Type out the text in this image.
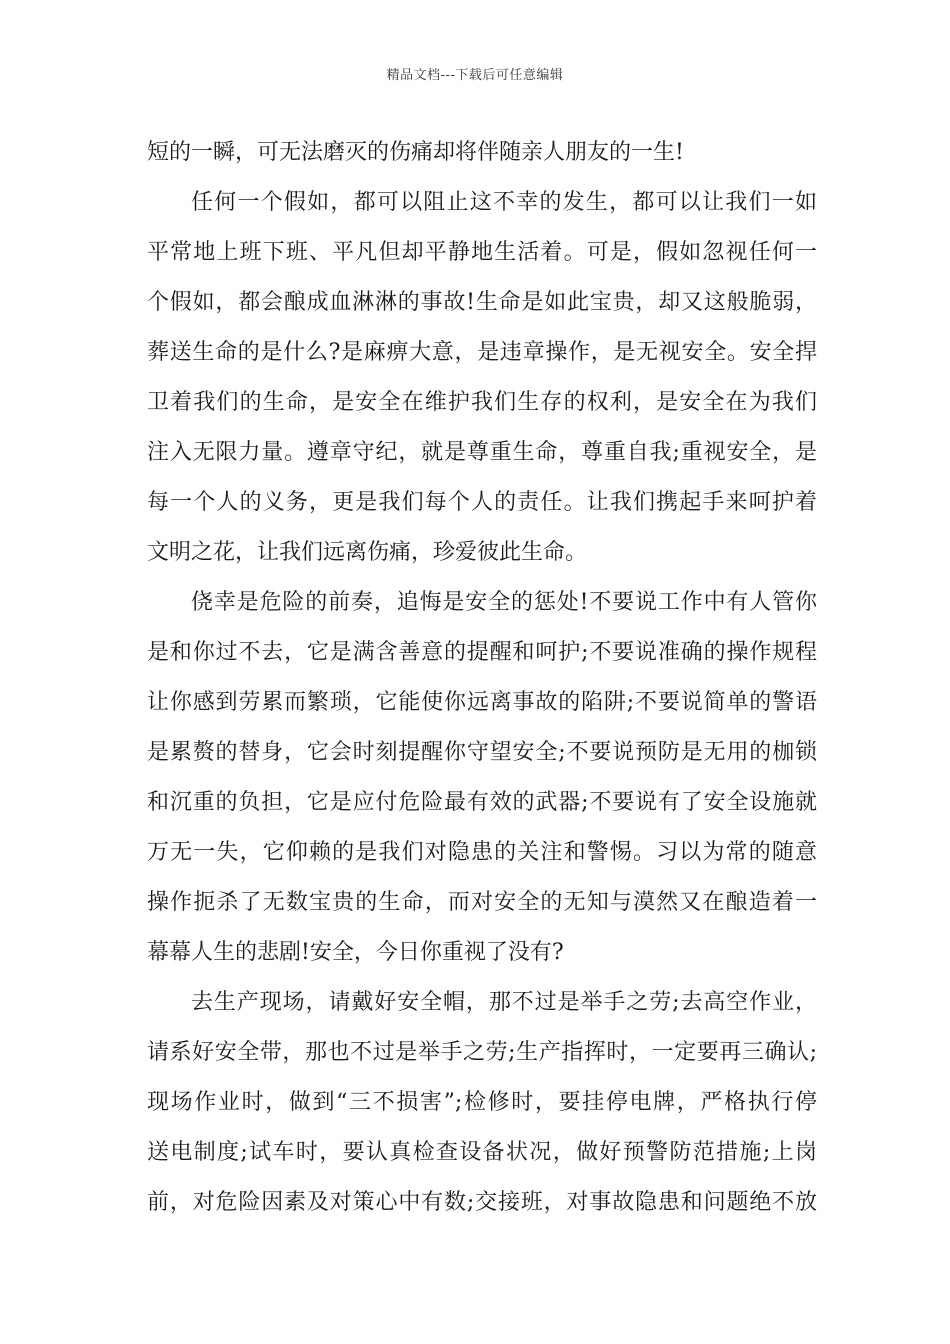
精品文档---下载后可任意编辑
短的一瞬，可无法磨灭的伤痛却将伴随亲人朋友的一生!
任何一个假如，都可以阻止这不幸的发生，都可以让我们一如
平常地上班下班、平凡但却平静地生活着。可是，假如忽视任何一
个假如，都会酿成血淋淋的事故!生命是如此宝贵，却又这般脆弱，
葬送生命的是什么?是麻痹大意，是违章操作，是无视安全。安全捍
卫着我们的生命，是安全在维护我们生存的权利，是安全在为我们
注入无限力量。遵章守纪，就是尊重生命，尊重自我;重视安全，是
每一个人的义务，更是我们每个人的责任。让我们携起手来呵护着
文明之花，让我们远离伤痛，珍爱彼此生命。
侥幸是危险的前奏，追悔是安全的惩处!不要说工作中有人管你
是和你过不去，它是满含善意的提醒和呵护;不要说准确的操作规程
让你感到劳累而繁琐，它能使你远离事故的陷阱;不要说简单的警语
是累赘的替身，它会时刻提醒你守望安全;不要说预防是无用的枷锁
和沉重的负担，它是应付危险最有效的武器;不要说有了安全设施就
万无一失，它仰赖的是我们对隐患的关注和警惕。习以为常的随意
操作扼杀了无数宝贵的生命，而对安全的无知与漠然又在酿造着一
幕幕人生的悲剧!安全，今日你重视了没有?
去生产现场，请戴好安全帽，那不过是举手之劳;去高空作业，
请系好安全带，那也不过是举手之劳;生产指挥时，一定要再三确认;
现场作业时，做到“三不损害”;检修时，要挂停电牌，严格执行停
送电制度;试车时，要认真检查设备状况，做好预警防范措施;上岗
前，对危险因素及对策心中有数;交接班，对事故隐患和问题绝不放
